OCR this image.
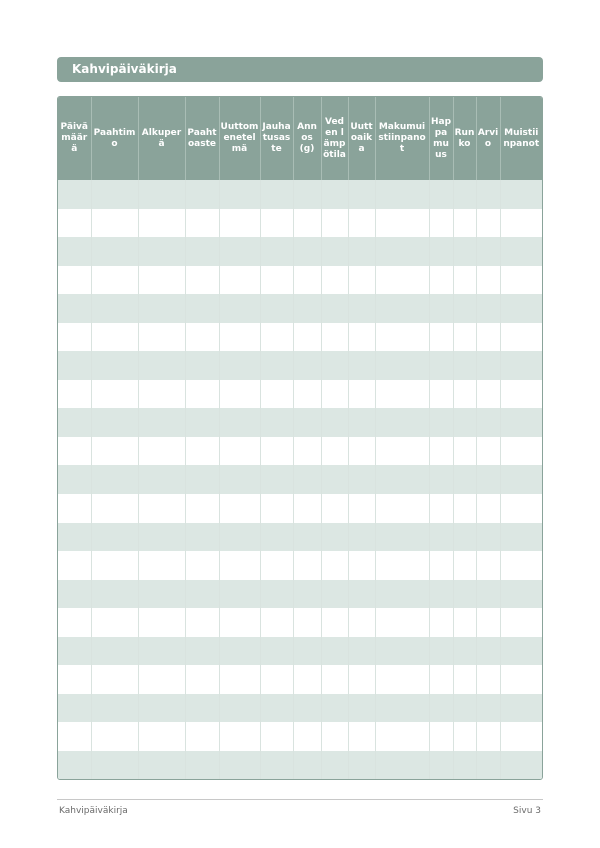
Kahvipäiväkirja
Päivämäärä	Paahtimo	Alkuperä	Paahtoaste	Uuttomenetelmä	Jauhatusaste	Annos (g)	Veden lämpötila	Uuttoaika	Makumuistiinpanot	Happamuus	Runko	Arvio	Muistiinpanot

Kahvipäiväkirja	Sivu 3
